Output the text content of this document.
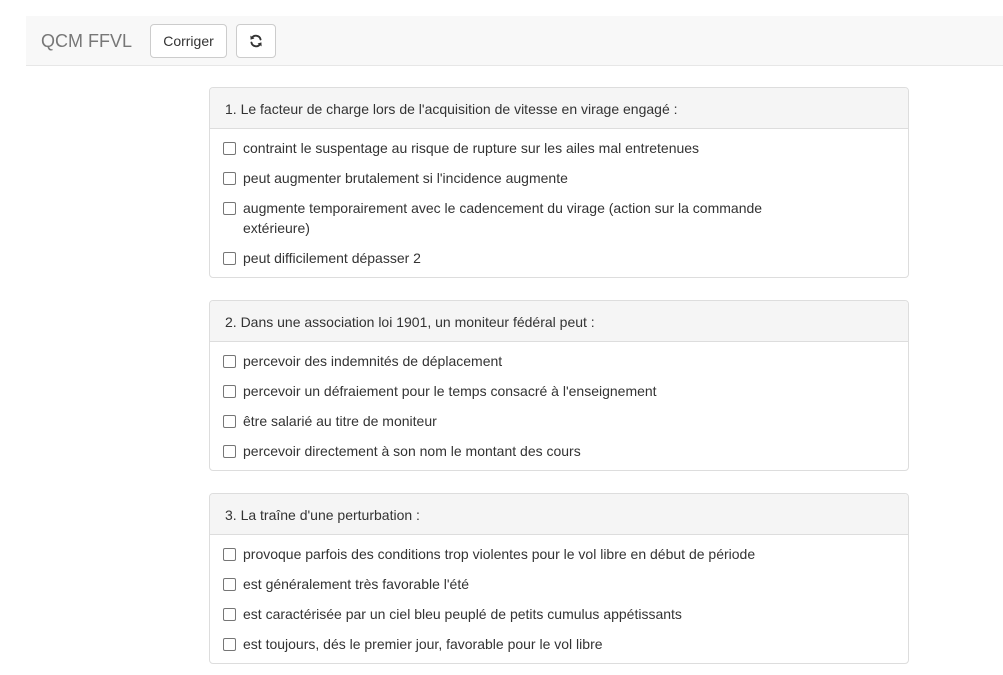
QCM FFVL	Corriger
1. Le facteur de charge lors de l'acquisition de vitesse en virage engagé :
contraint le suspentage au risque de rupture sur les ailes mal entretenues
peut augmenter brutalement si l'incidence augmente
augmente temporairement avec le cadencement du virage (action sur la commande extérieure)
peut difficilement dépasser 2
2. Dans une association loi 1901, un moniteur fédéral peut :
percevoir des indemnités de déplacement
percevoir un défraiement pour le temps consacré à l'enseignement
être salarié au titre de moniteur
percevoir directement à son nom le montant des cours
3. La traîne d'une perturbation :
provoque parfois des conditions trop violentes pour le vol libre en début de période
est généralement très favorable l'été
est caractérisée par un ciel bleu peuplé de petits cumulus appétissants
est toujours, dés le premier jour, favorable pour le vol libre
